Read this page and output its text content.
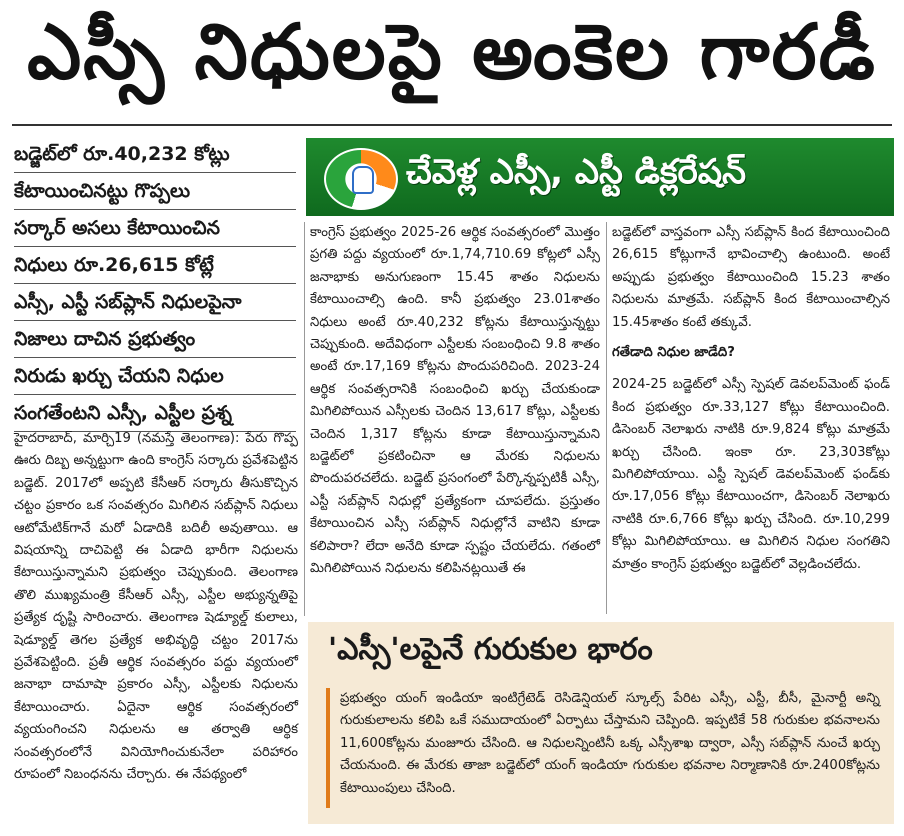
ఎస్సీ నిధులపై అంకెల గారడీ

బడ్జెట్‌లో రూ.40,232 కోట్లు

కేటాయించినట్టు గొప్పలు

సర్కార్ అసలు కేటాయించిన

నిధులు రూ.26,615 కోట్లే

ఎస్సీ, ఎస్టీ సబ్‌ప్లాన్ నిధులపైనా

నిజాలు దాచిన ప్రభుత్వం

నిరుడు ఖర్చు చేయని నిధుల

సంగతేంటని ఎస్సీ, ఎస్టీల ప్రశ్న

చేవెళ్ల ఎస్సీ, ఎస్టీ డిక్లరేషన్

హైదరాబాద్, మార్చి19 (నమస్తే తెలంగాణ): పేరు గొప్ప ఊరు దిబ్బ అన్నట్టుగా ఉంది కాంగ్రెస్ సర్కారు ప్రవేశపెట్టిన బడ్జెట్. 2017లో అప్పటి కేసీఆర్ సర్కారు తీసుకొచ్చిన చట్టం ప్రకారం ఒక సంవత్సరం మిగిలిన సబ్‌ప్లాన్ నిధులు ఆటోమేటిక్‌గానే మరో ఏడాదికి బదిలీ అవుతాయి. ఆ విషయాన్ని దాచిపెట్టి ఈ ఏడాది భారీగా నిధులను కేటాయిస్తున్నామని ప్రభుత్వం చెప్పుకుంది. తెలంగాణ తొలి ముఖ్యమంత్రి కేసీఆర్ ఎస్సీ, ఎస్టీల అభ్యున్నతిపై ప్రత్యేక దృష్టి సారించారు. తెలంగాణ షెడ్యూల్డ్ కులాలు, షెడ్యూల్డ్ తెగల ప్రత్యేక అభివృద్ధి చట్టం 2017ను ప్రవేశపెట్టింది. ప్రతీ ఆర్థిక సంవత్సరం పద్దు వ్యయంలో జనాభా దామాషా ప్రకారం ఎస్సీ, ఎస్టీలకు నిధులను కేటాయించారు. ఏదైనా ఆర్థిక సంవత్సరంలో వ్యయంగించని నిధులను ఆ తర్వాతి ఆర్థిక సంవత్సరంలోనే వినియోగించుకునేలా పరిహారం రూపంలో నిబంధనను చేర్చారు. ఈ నేపథ్యంలో

కాంగ్రెస్ ప్రభుత్వం 2025-26 ఆర్థిక సంవత్సరంలో మొత్తం ప్రగతి పద్దు వ్యయంలో రూ.1,74,710.69 కోట్లలో ఎస్సీ జనాభాకు అనుగుణంగా 15.45 శాతం నిధులను కేటాయించాల్సి ఉంది. కానీ ప్రభుత్వం 23.01శాతం నిధులు అంటే రూ.40,232 కోట్లను కేటాయిస్తున్నట్టు చెప్పుకుంది. అదేవిధంగా ఎస్టీలకు సంబంధించి 9.8 శాతం అంటే రూ.17,169 కోట్లను పొందుపరిచింది. 2023-24 ఆర్థిక సంవత్సరానికి సంబంధించి ఖర్చు చేయకుండా మిగిలిపోయిన ఎస్సీలకు చెందిన 13,617 కోట్లు, ఎస్టీలకు చెందిన 1,317 కోట్లను కూడా కేటాయిస్తున్నామని బడ్జెట్‌లో ప్రకటించినా ఆ మేరకు నిధులను పొందుపరచలేదు. బడ్జెట్ ప్రసంగంలో పేర్కొన్నప్పటికీ ఎస్సీ, ఎస్టీ సబ్‌ప్లాన్ నిధుల్లో ప్రత్యేకంగా చూపలేదు. ప్రస్తుతం కేటాయించిన ఎస్సీ సబ్‌ప్లాన్ నిధుల్లోనే వాటిని కూడా కలిపారా? లేదా అనేది కూడా స్పష్టం చేయలేదు. గతంలో మిగిలిపోయిన నిధులను కలిపినట్లయితే ఈ

బడ్జెట్‌లో వాస్తవంగా ఎస్సీ సబ్‌ప్లాన్ కింద కేటాయించింది 26,615 కోట్లుగానే భావించాల్సి ఉంటుంది. అంటే అప్పుడు ప్రభుత్వం కేటాయించింది 15.23 శాతం నిధులను మాత్రమే. సబ్‌ప్లాన్ కింద కేటాయించాల్సిన 15.45శాతం కంటే తక్కువే.

గతేడాది నిధుల జాడేది?

2024-25 బడ్జెట్‌లో ఎస్సీ స్పెషల్ డెవలప్‌మెంట్ ఫండ్ కింద ప్రభుత్వం రూ.33,127 కోట్లు కేటాయించింది. డిసెంబర్ నెలాఖరు నాటికి రూ.9,824 కోట్లు మాత్రమే ఖర్చు చేసింది. ఇంకా రూ. 23,303కోట్లు మిగిలిపోయాయి. ఎస్టీ స్పెషల్ డెవలప్‌మెంట్ ఫండ్‌కు రూ.17,056 కోట్లు కేటాయించగా, డిసెంబర్ నెలాఖరు నాటికి రూ.6,766 కోట్లు ఖర్చు చేసింది. రూ.10,299 కోట్లు మిగిలిపోయాయి. ఆ మిగిలిన నిధుల సంగతిని మాత్రం కాంగ్రెస్ ప్రభుత్వం బడ్జెట్‌లో వెల్లడించలేదు.

'ఎస్సీ'లపైనే గురుకుల భారం
ప్రభుత్వం యంగ్ ఇండియా ఇంటిగ్రేటెడ్ రెసిడెన్షియల్ స్కూల్స్ పేరిట ఎస్సీ, ఎస్టీ, బీసీ, మైనార్టీ అన్ని గురుకులాలను కలిపి ఒకే సముదాయంలో ఏర్పాటు చేస్తామని చెప్పింది. ఇప్పటికే 58 గురుకుల భవనాలను 11,600కోట్లను మంజూరు చేసింది. ఆ నిధులన్నింటినీ ఒక్క ఎస్సీశాఖ ద్వారా, ఎస్సీ సబ్‌ప్లాన్ నుంచే ఖర్చు చేయనుంది. ఈ మేరకు తాజా బడ్జెట్‌లో యంగ్ ఇండియా గురుకుల భవనాల నిర్మాణానికి రూ.2400కోట్లను కేటాయింపులు చేసింది.
